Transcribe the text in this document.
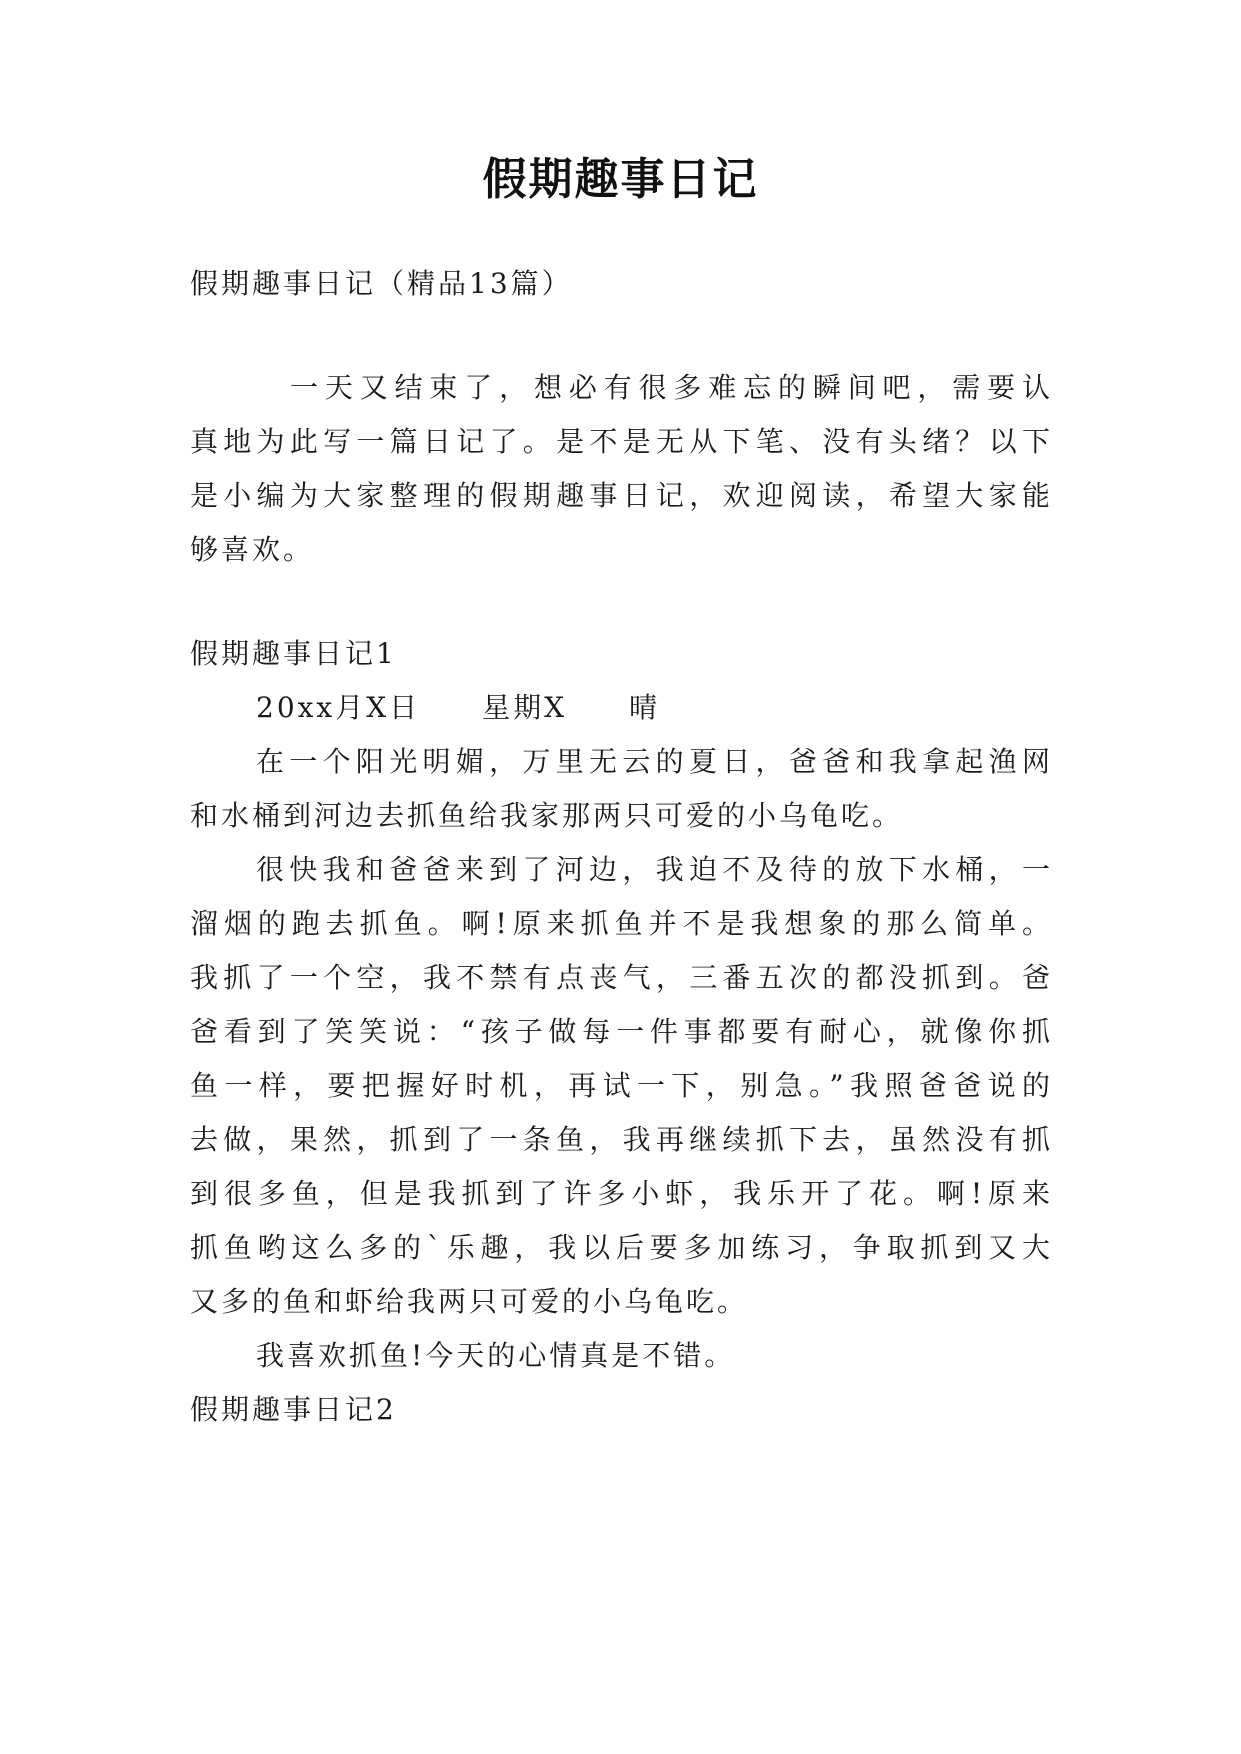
假期趣事日记
假期趣事日记（精品13篇）
一天又结束了，想必有很多难忘的瞬间吧，需要认
真地为此写一篇日记了。是不是无从下笔、没有头绪？以下
是小编为大家整理的假期趣事日记，欢迎阅读，希望大家能
够喜欢。
假期趣事日记1
20xx月X日　　星期X　　晴
在一个阳光明媚，万里无云的夏日，爸爸和我拿起渔网
和水桶到河边去抓鱼给我家那两只可爱的小乌龟吃。
很快我和爸爸来到了河边，我迫不及待的放下水桶，一
溜烟的跑去抓鱼。啊!原来抓鱼并不是我想象的那么简单。
我抓了一个空，我不禁有点丧气，三番五次的都没抓到。爸
爸看到了笑笑说：“孩子做每一件事都要有耐心，就像你抓
鱼一样，要把握好时机，再试一下，别急。”我照爸爸说的
去做，果然，抓到了一条鱼，我再继续抓下去，虽然没有抓
到很多鱼，但是我抓到了许多小虾，我乐开了花。啊!原来
抓鱼哟这么多的`乐趣，我以后要多加练习，争取抓到又大
又多的鱼和虾给我两只可爱的小乌龟吃。
我喜欢抓鱼!今天的心情真是不错。
假期趣事日记2
